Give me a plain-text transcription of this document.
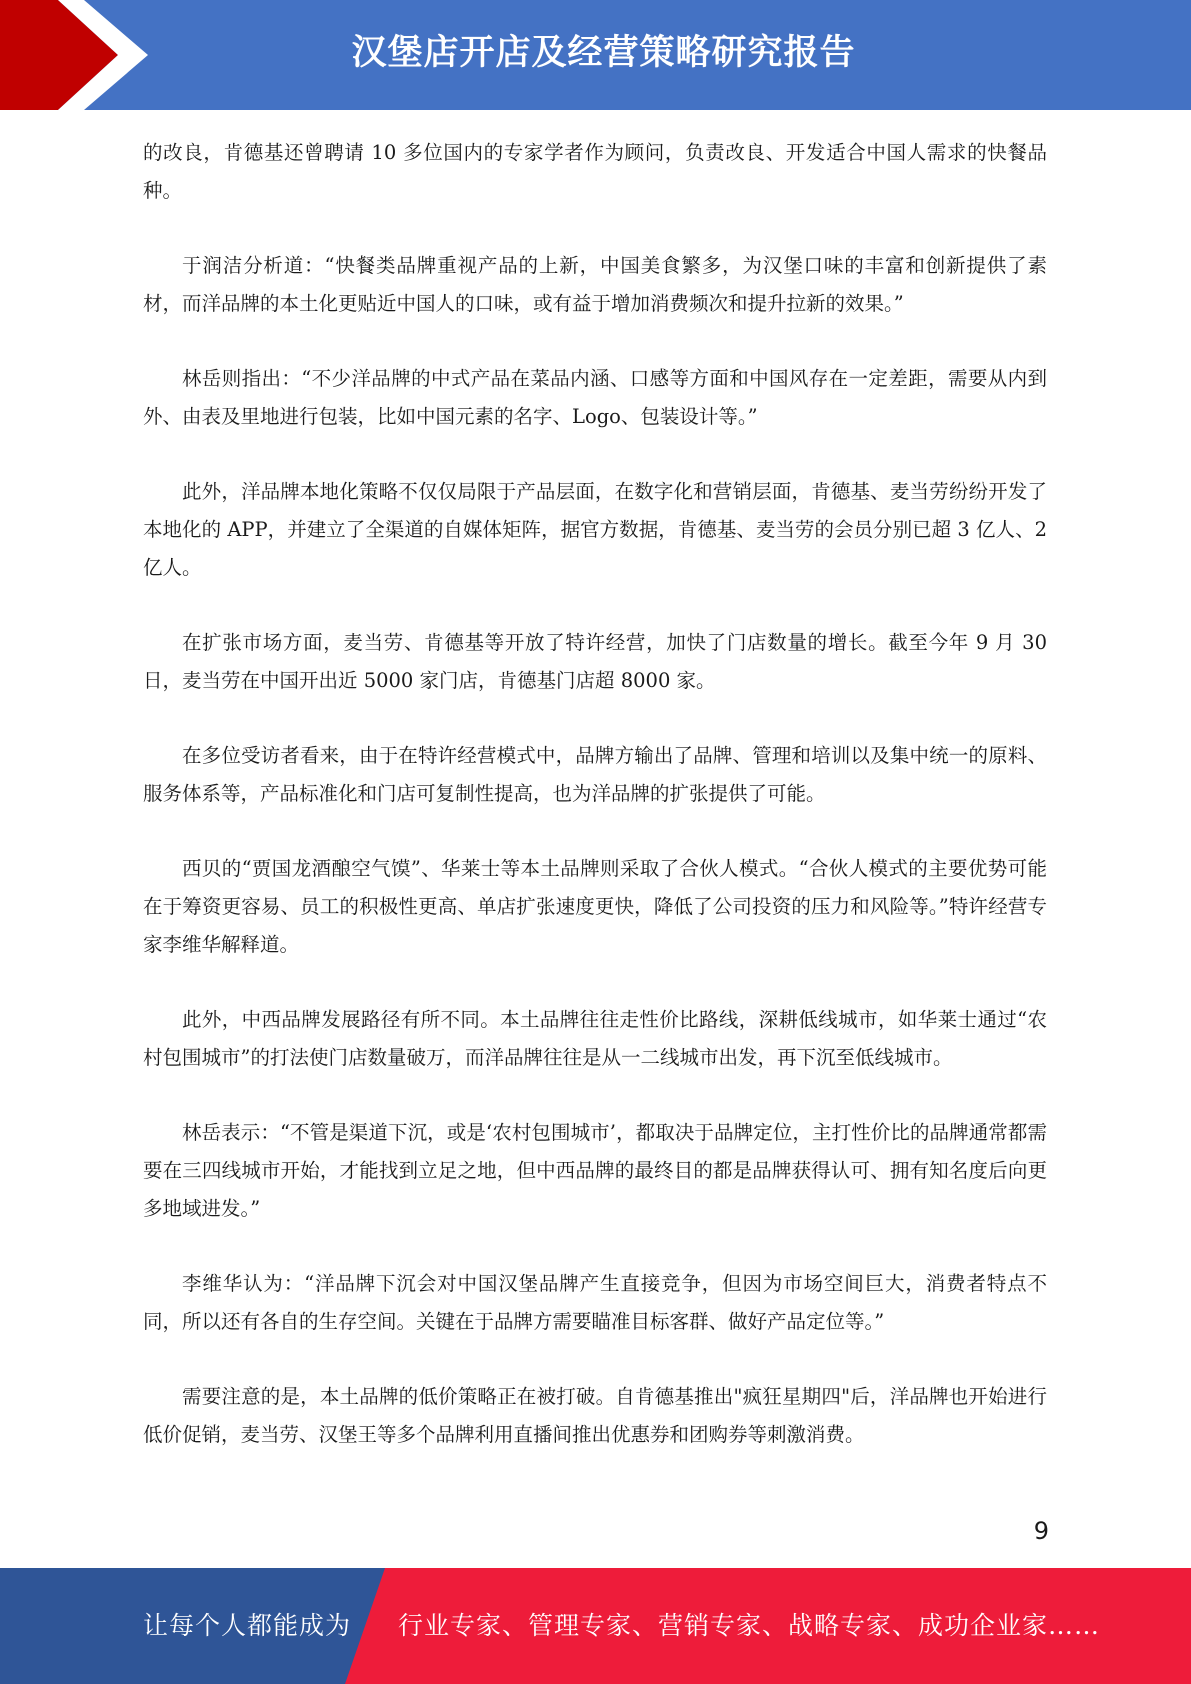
汉堡店开店及经营策略研究报告

的改良，肯德基还曾聘请 10 多位国内的专家学者作为顾问，负责改良、开发适合中国人需求的快餐品种。

于润洁分析道：“快餐类品牌重视产品的上新，中国美食繁多，为汉堡口味的丰富和创新提供了素材，而洋品牌的本土化更贴近中国人的口味，或有益于增加消费频次和提升拉新的效果。”

林岳则指出：“不少洋品牌的中式产品在菜品内涵、口感等方面和中国风存在一定差距，需要从内到外、由表及里地进行包装，比如中国元素的名字、Logo、包装设计等。”

此外，洋品牌本地化策略不仅仅局限于产品层面，在数字化和营销层面，肯德基、麦当劳纷纷开发了本地化的 APP，并建立了全渠道的自媒体矩阵，据官方数据，肯德基、麦当劳的会员分别已超 3 亿人、2 亿人。

在扩张市场方面，麦当劳、肯德基等开放了特许经营，加快了门店数量的增长。截至今年 9 月 30 日，麦当劳在中国开出近 5000 家门店，肯德基门店超 8000 家。

在多位受访者看来，由于在特许经营模式中，品牌方输出了品牌、管理和培训以及集中统一的原料、服务体系等，产品标准化和门店可复制性提高，也为洋品牌的扩张提供了可能。

西贝的“贾国龙酒酿空气馍”、华莱士等本土品牌则采取了合伙人模式。“合伙人模式的主要优势可能在于筹资更容易、员工的积极性更高、单店扩张速度更快，降低了公司投资的压力和风险等。”特许经营专家李维华解释道。

此外，中西品牌发展路径有所不同。本土品牌往往走性价比路线，深耕低线城市，如华莱士通过“农村包围城市”的打法使门店数量破万，而洋品牌往往是从一二线城市出发，再下沉至低线城市。

林岳表示：“不管是渠道下沉，或是‘农村包围城市’，都取决于品牌定位，主打性价比的品牌通常都需要在三四线城市开始，才能找到立足之地，但中西品牌的最终目的都是品牌获得认可、拥有知名度后向更多地域进发。”

李维华认为：“洋品牌下沉会对中国汉堡品牌产生直接竞争，但因为市场空间巨大，消费者特点不同，所以还有各自的生存空间。关键在于品牌方需要瞄准目标客群、做好产品定位等。”

需要注意的是，本土品牌的低价策略正在被打破。自肯德基推出"疯狂星期四"后，洋品牌也开始进行低价促销，麦当劳、汉堡王等多个品牌利用直播间推出优惠券和团购券等刺激消费。

9
让每个人都能成为 行业专家、管理专家、营销专家、战略专家、成功企业家……
